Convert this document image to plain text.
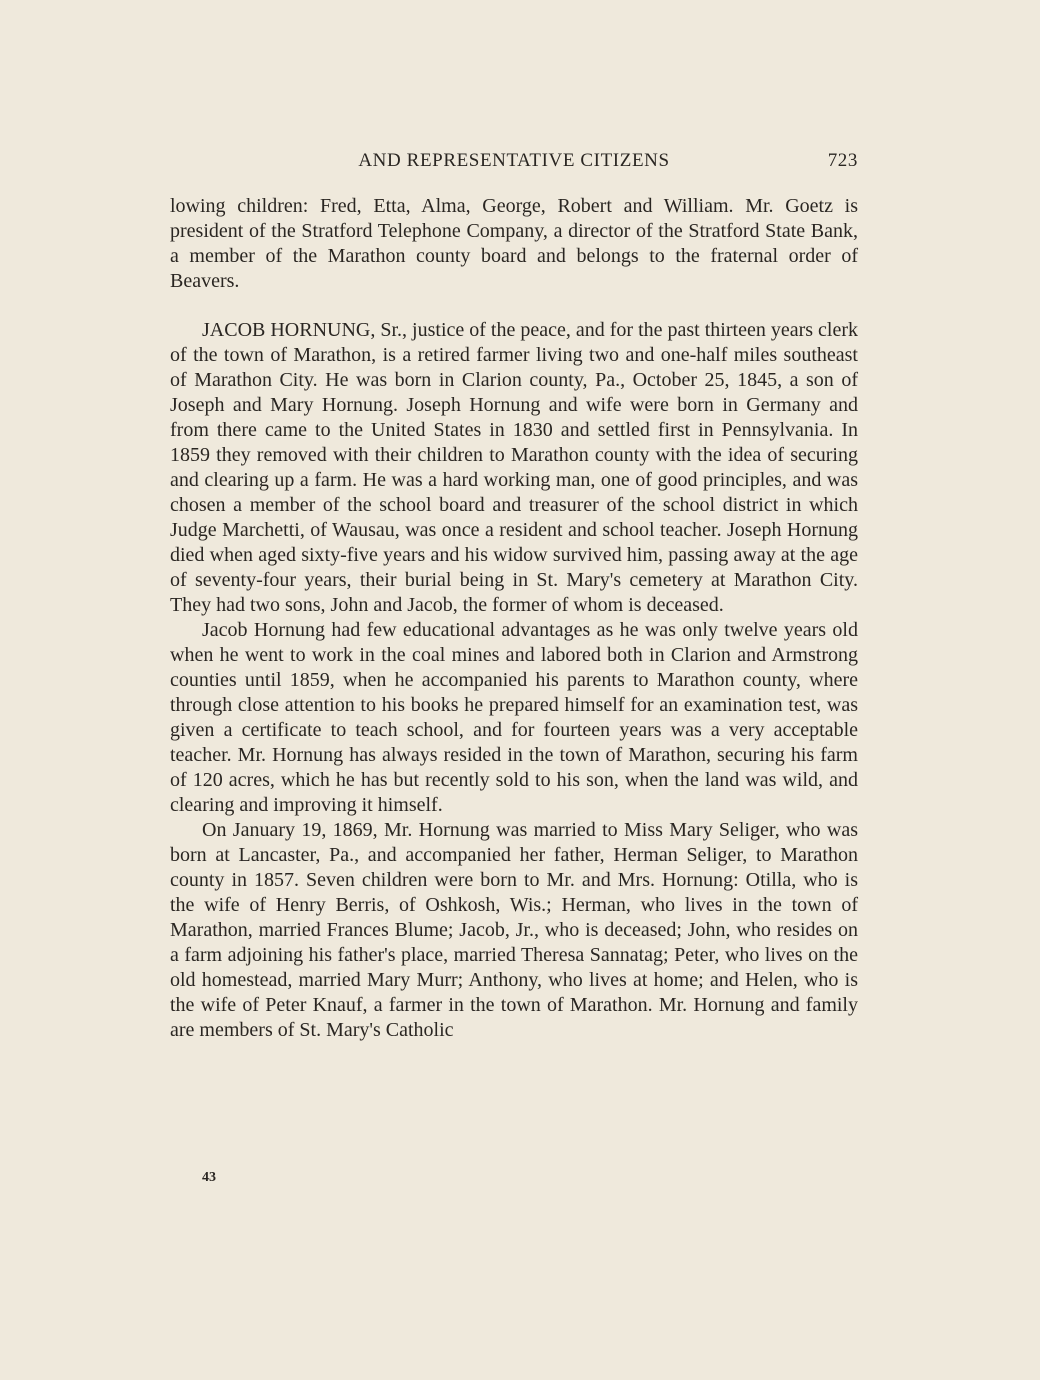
AND REPRESENTATIVE CITIZENS	723

lowing children: Fred, Etta, Alma, George, Robert and William. Mr. Goetz is president of the Stratford Telephone Company, a director of the Stratford State Bank, a member of the Marathon county board and belongs to the fraternal order of Beavers.

JACOB HORNUNG, Sr., justice of the peace, and for the past thirteen years clerk of the town of Marathon, is a retired farmer living two and one-half miles southeast of Marathon City. He was born in Clarion county, Pa., October 25, 1845, a son of Joseph and Mary Hornung. Joseph Hornung and wife were born in Germany and from there came to the United States in 1830 and settled first in Pennsylvania. In 1859 they removed with their children to Marathon county with the idea of securing and clearing up a farm. He was a hard working man, one of good principles, and was chosen a member of the school board and treasurer of the school district in which Judge Marchetti, of Wausau, was once a resident and school teacher. Joseph Hornung died when aged sixty-five years and his widow survived him, passing away at the age of seventy-four years, their burial being in St. Mary's cemetery at Marathon City. They had two sons, John and Jacob, the former of whom is deceased.

Jacob Hornung had few educational advantages as he was only twelve years old when he went to work in the coal mines and labored both in Clarion and Armstrong counties until 1859, when he accompanied his parents to Marathon county, where through close attention to his books he prepared himself for an examination test, was given a certificate to teach school, and for fourteen years was a very acceptable teacher. Mr. Hornung has always resided in the town of Marathon, securing his farm of 120 acres, which he has but recently sold to his son, when the land was wild, and clearing and improving it himself.

On January 19, 1869, Mr. Hornung was married to Miss Mary Seliger, who was born at Lancaster, Pa., and accompanied her father, Herman Seliger, to Marathon county in 1857. Seven children were born to Mr. and Mrs. Hornung: Otilla, who is the wife of Henry Berris, of Oshkosh, Wis.; Herman, who lives in the town of Marathon, married Frances Blume; Jacob, Jr., who is deceased; John, who resides on a farm adjoining his father's place, married Theresa Sannatag; Peter, who lives on the old homestead, married Mary Murr; Anthony, who lives at home; and Helen, who is the wife of Peter Knauf, a farmer in the town of Marathon. Mr. Hornung and family are members of St. Mary's Catholic

43
